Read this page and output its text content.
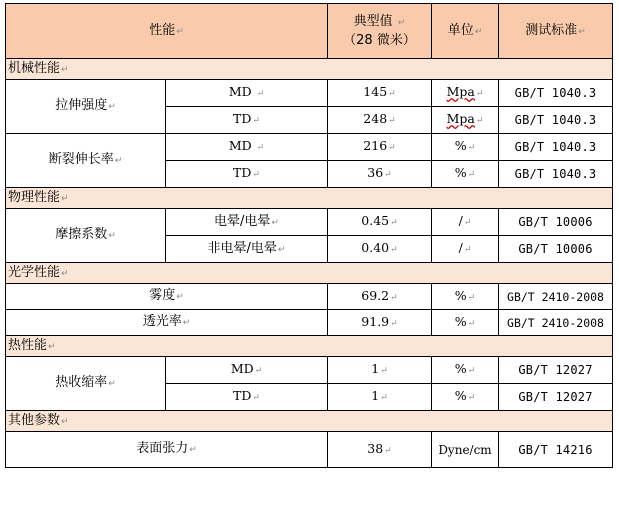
性能↵		典型值 ↵
（28 微米）	单位↵	测试标准↵
机械性能↵				
拉伸强度↵	MD ↵	145↵	Mpa↵	GB/T 1040.3
	TD↵	248↵	Mpa↵	GB/T 1040.3
断裂伸长率↵	MD ↵	216↵	%↵	GB/T 1040.3
	TD↵	36↵	%↵	GB/T 1040.3
物理性能↵				
摩擦系数↵	电晕/电晕↵	0.45↵	/↵	GB/T 10006
	非电晕/电晕↵	0.40↵	/↵	GB/T 10006
光学性能↵				
雾度↵		69.2↵	%↵	GB/T 2410-2008
透光率↵		91.9↵	%↵	GB/T 2410-2008
热性能↵				
热收缩率↵	MD↵	1↵	%↵	GB/T 12027
	TD↵	1↵	%↵	GB/T 12027
其他参数↵				
表面张力↵		38↵	Dyne/cm	GB/T 14216
